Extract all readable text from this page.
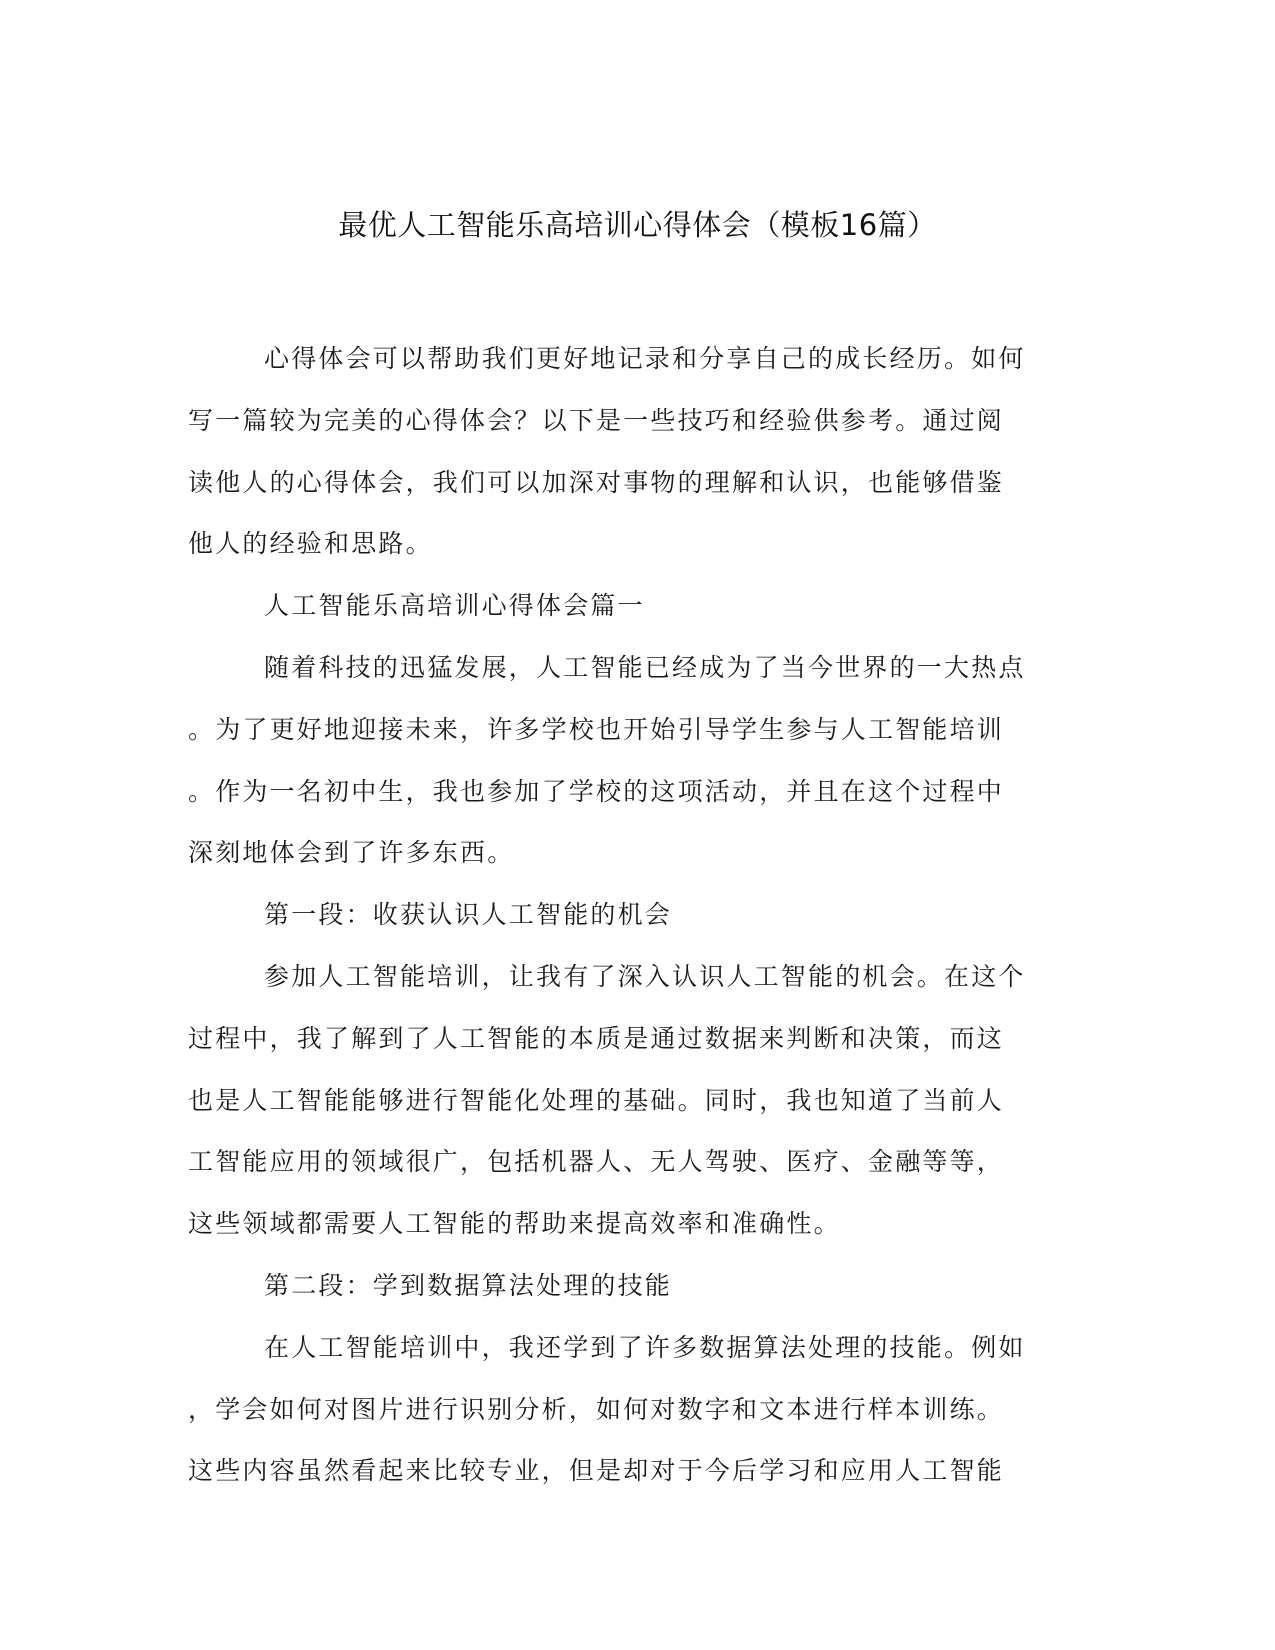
最优人工智能乐高培训心得体会（模板16篇）
心得体会可以帮助我们更好地记录和分享自己的成长经历。如何
写一篇较为完美的心得体会？以下是一些技巧和经验供参考。通过阅
读他人的心得体会，我们可以加深对事物的理解和认识，也能够借鉴
他人的经验和思路。
人工智能乐高培训心得体会篇一
随着科技的迅猛发展，人工智能已经成为了当今世界的一大热点
。为了更好地迎接未来，许多学校也开始引导学生参与人工智能培训
。作为一名初中生，我也参加了学校的这项活动，并且在这个过程中
深刻地体会到了许多东西。
第一段：收获认识人工智能的机会
参加人工智能培训，让我有了深入认识人工智能的机会。在这个
过程中，我了解到了人工智能的本质是通过数据来判断和决策，而这
也是人工智能能够进行智能化处理的基础。同时，我也知道了当前人
工智能应用的领域很广，包括机器人、无人驾驶、医疗、金融等等，
这些领域都需要人工智能的帮助来提高效率和准确性。
第二段：学到数据算法处理的技能
在人工智能培训中，我还学到了许多数据算法处理的技能。例如
，学会如何对图片进行识别分析，如何对数字和文本进行样本训练。
这些内容虽然看起来比较专业，但是却对于今后学习和应用人工智能
